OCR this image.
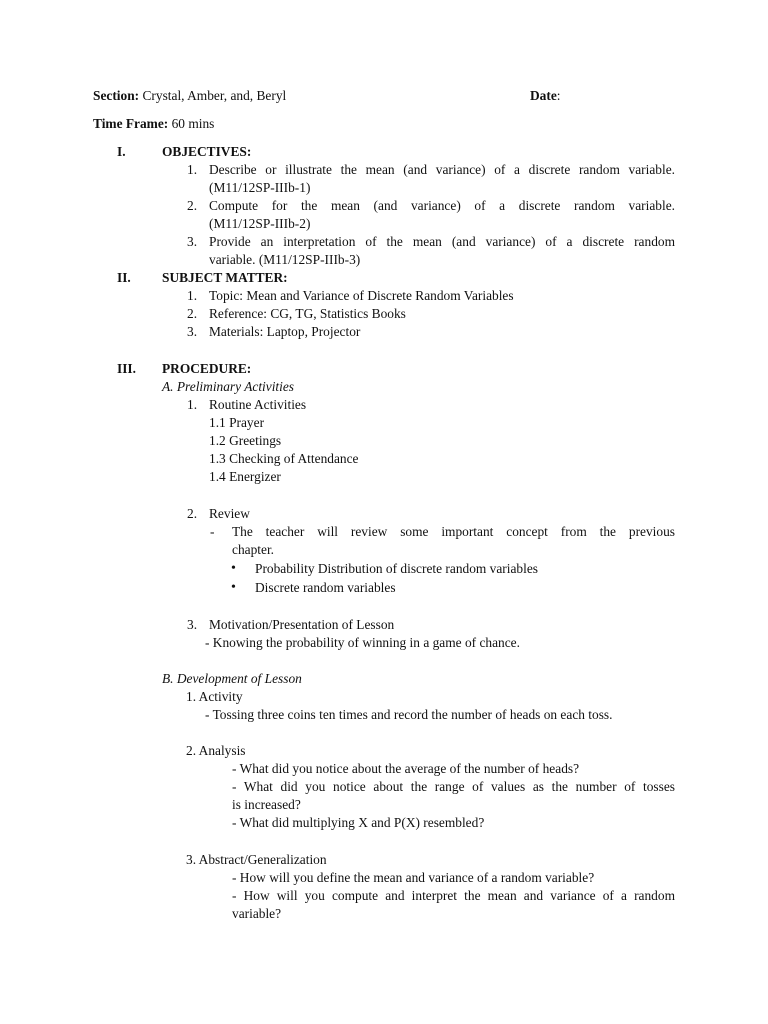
Section: Crystal, Amber, and, Beryl	Date:
Time Frame: 60 mins
I.	OBJECTIVES:
1. Describe or illustrate the mean (and variance) of a discrete random variable.
(M11/12SP-IIIb-1)
2. Compute for the mean (and variance) of a discrete random variable.
(M11/12SP-IIIb-2)
3. Provide an interpretation of the mean (and variance) of a discrete random
variable. (M11/12SP-IIIb-3)
II. SUBJECT MATTER:
1. Topic: Mean and Variance of Discrete Random Variables
2. Reference: CG, TG, Statistics Books
3. Materials: Laptop, Projector
III. PROCEDURE:
A. Preliminary Activities
1. Routine Activities
1.1 Prayer
1.2 Greetings
1.3 Checking of Attendance
1.4 Energizer
2. Review
- The teacher will review some important concept from the previous
chapter.
• Probability Distribution of discrete random variables
• Discrete random variables
3. Motivation/Presentation of Lesson
- Knowing the probability of winning in a game of chance.
B. Development of Lesson
1. Activity
- Tossing three coins ten times and record the number of heads on each toss.
2. Analysis
- What did you notice about the average of the number of heads?
- What did you notice about the range of values as the number of tosses
is increased?
- What did multiplying X and P(X) resembled?
3. Abstract/Generalization
- How will you define the mean and variance of a random variable?
- How will you compute and interpret the mean and variance of a random
variable?
